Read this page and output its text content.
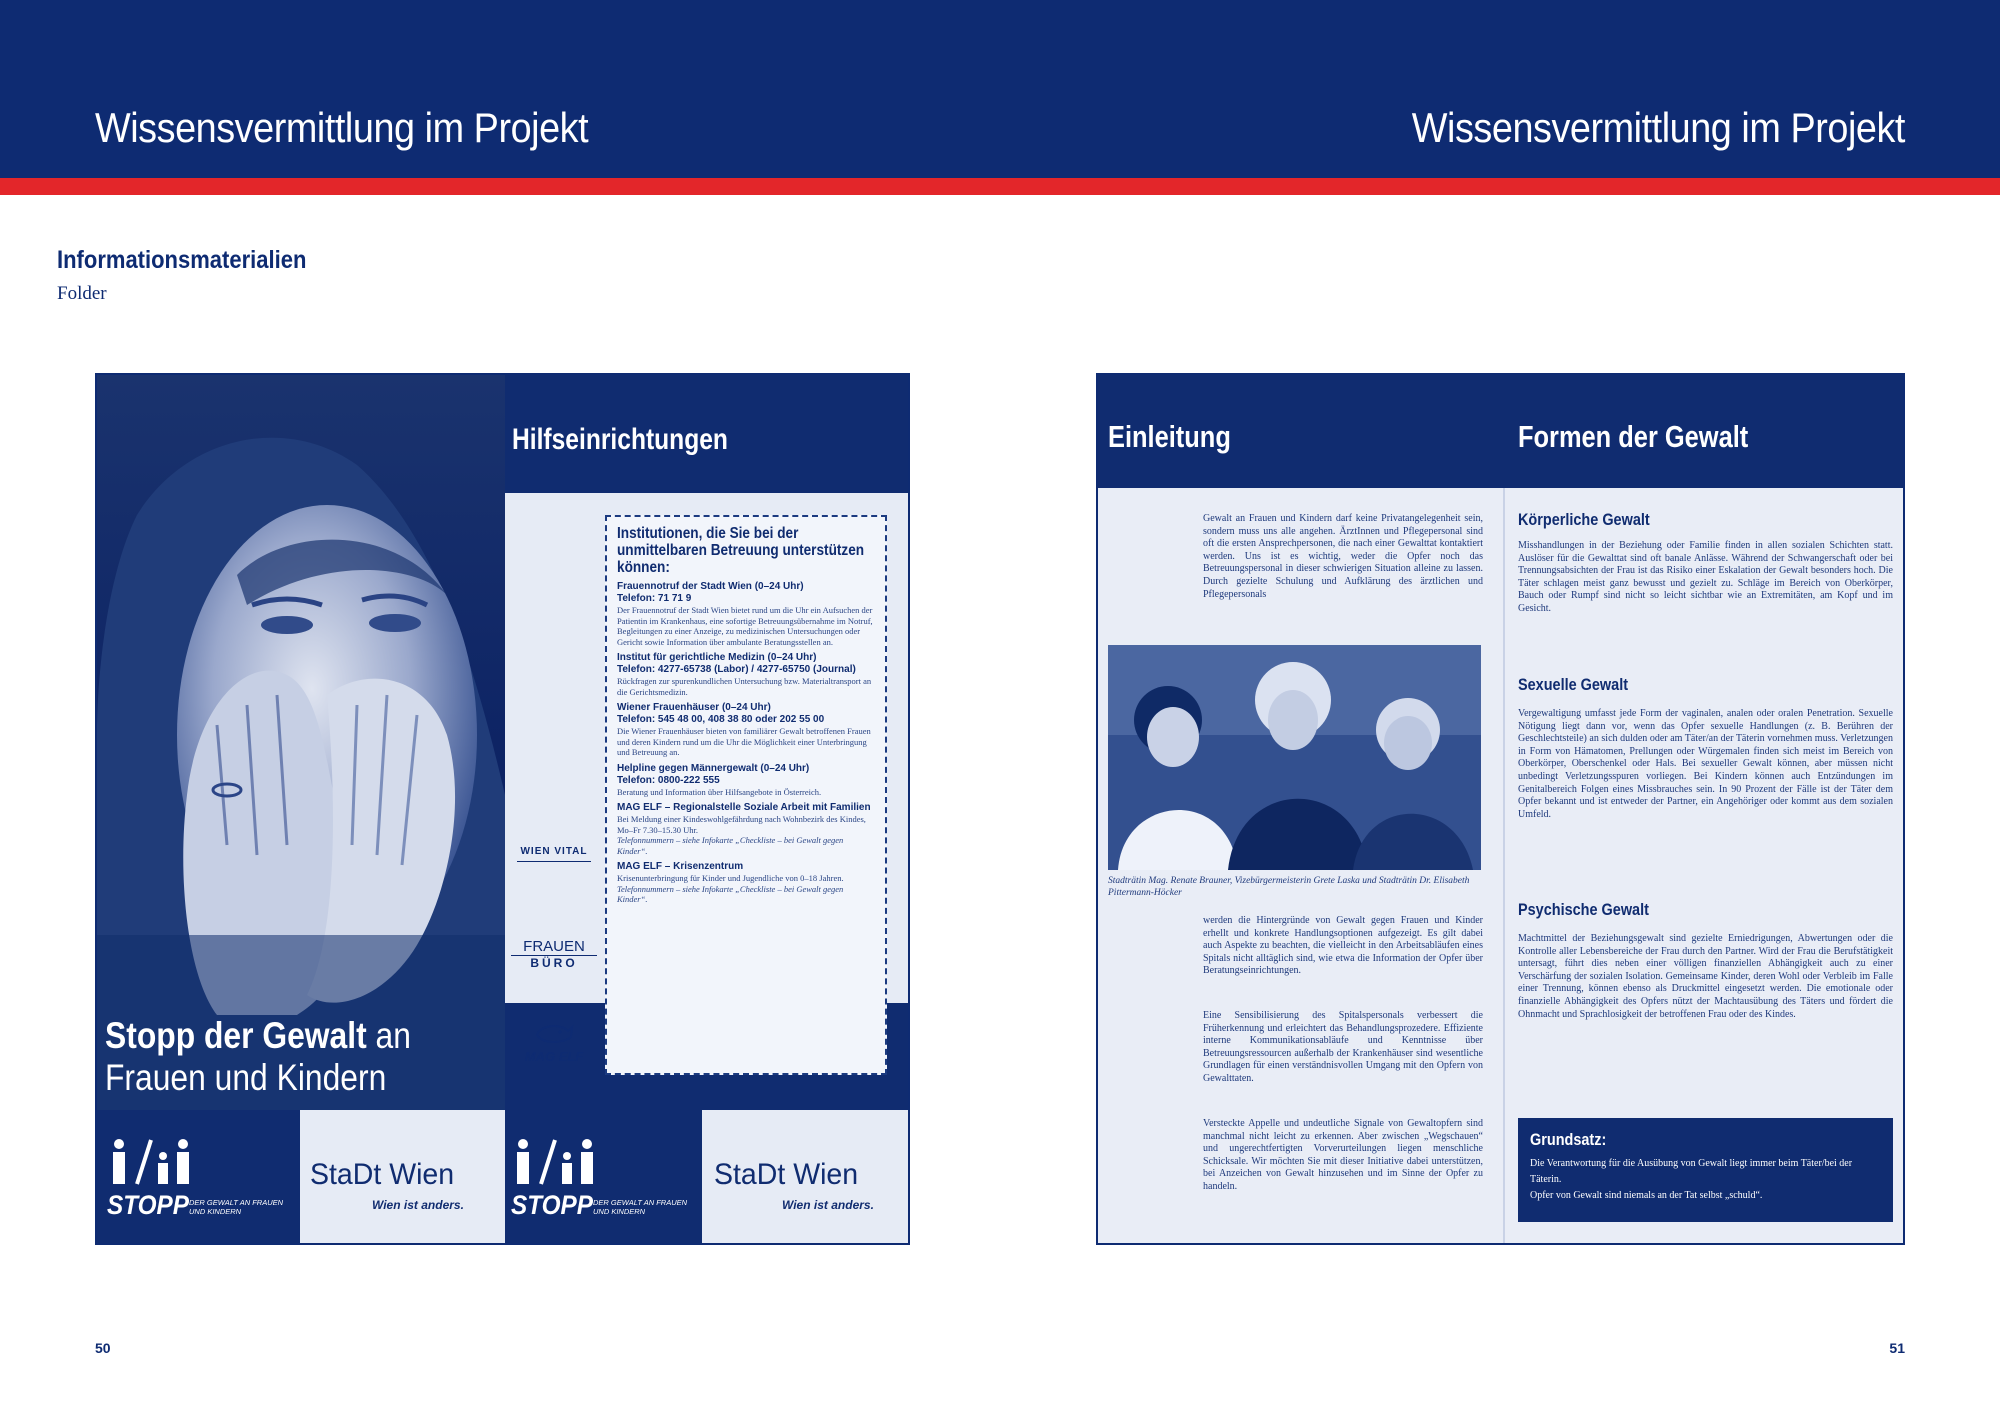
Wissensvermittlung im Projekt	Wissensvermittlung im Projekt
Informationsmaterialien
Folder
Stopp der Gewalt an Frauen und Kindern
Hilfseinrichtungen
WIEN VITAL
FRAUEN
BÜRO
MAG ELF
Institutionen, die Sie bei der unmittelbaren Betreuung unterstützen können:
Frauennotruf der Stadt Wien (0–24 Uhr)
Telefon: 71 71 9
Der Frauennotruf der Stadt Wien bietet rund um die Uhr ein Aufsuchen der Patientin im Krankenhaus, eine sofortige Betreuungsübernahme im Notruf, Begleitungen zu einer Anzeige, zu medizinischen Untersuchungen oder Gericht sowie Information über ambulante Beratungsstellen an.
Institut für gerichtliche Medizin (0–24 Uhr)
Telefon: 4277-65738 (Labor) / 4277-65750 (Journal)
Rückfragen zur spurenkundlichen Untersuchung bzw. Materialtransport an die Gerichtsmedizin.
Wiener Frauenhäuser (0–24 Uhr)
Telefon: 545 48 00, 408 38 80 oder 202 55 00
Die Wiener Frauenhäuser bieten von familiärer Gewalt betroffenen Frauen und deren Kindern rund um die Uhr die Möglichkeit einer Unterbringung und Betreuung an.
Helpline gegen Männergewalt (0–24 Uhr)
Telefon: 0800-222 555
Beratung und Information über Hilfsangebote in Österreich.
MAG ELF – Regionalstelle Soziale Arbeit mit Familien
Bei Meldung einer Kindeswohlgefährdung nach Wohnbezirk des Kindes, Mo–Fr 7.30–15.30 Uhr.
Telefonnummern – siehe Infokarte „Checkliste – bei Gewalt gegen Kinder“.
MAG ELF – Krisenzentrum
Krisenunterbringung für Kinder und Jugendliche von 0–18 Jahren.
Telefonnummern – siehe Infokarte „Checkliste – bei Gewalt gegen Kinder“.
STOPP DER GEWALT AN FRAUEN UND KINDERN
StaDt Wien
Wien ist anders. STOPP DER GEWALT AN FRAUEN UND KINDERN
StaDt Wien
Wien ist anders.
Einleitung	Formen der Gewalt
Gewalt an Frauen und Kindern darf keine Privatangelegenheit sein, sondern muss uns alle angehen. ÄrztInnen und Pflegepersonal sind oft die ersten Ansprechpersonen, die nach einer Gewalttat kontaktiert werden. Uns ist es wichtig, weder die Opfer noch das Betreuungspersonal in dieser schwierigen Situation alleine zu lassen. Durch gezielte Schulung und Aufklärung des ärztlichen und Pflegepersonals
Stadträtin Mag. Renate Brauner, Vizebürgermeisterin Grete Laska und Stadträtin Dr. Elisabeth Pittermann-Höcker
werden die Hintergründe von Gewalt gegen Frauen und Kinder erhellt und konkrete Handlungsoptionen aufgezeigt. Es gilt dabei auch Aspekte zu beachten, die vielleicht in den Arbeitsabläufen eines Spitals nicht alltäglich sind, wie etwa die Information der Opfer über Beratungseinrichtungen.
Eine Sensibilisierung des Spitalspersonals verbessert die Früherkennung und erleichtert das Behandlungsprozedere. Effiziente interne Kommunikationsabläufe und Kenntnisse über Betreuungsressourcen außerhalb der Krankenhäuser sind wesentliche Grundlagen für einen verständnisvollen Umgang mit den Opfern von Gewalttaten.
Versteckte Appelle und undeutliche Signale von Gewaltopfern sind manchmal nicht leicht zu erkennen. Aber zwischen „Wegschauen“ und ungerechtfertigten Vorverurteilungen liegen menschliche Schicksale. Wir möchten Sie mit dieser Initiative dabei unterstützen, bei Anzeichen von Gewalt hinzusehen und im Sinne der Opfer zu handeln.
Körperliche Gewalt
Misshandlungen in der Beziehung oder Familie finden in allen sozialen Schichten statt. Auslöser für die Gewalttat sind oft banale Anlässe. Während der Schwangerschaft oder bei Trennungsabsichten der Frau ist das Risiko einer Eskalation der Gewalt besonders hoch. Die Täter schlagen meist ganz bewusst und gezielt zu. Schläge im Bereich von Oberkörper, Bauch oder Rumpf sind nicht so leicht sichtbar wie an Extremitäten, am Kopf und im Gesicht.
Sexuelle Gewalt
Vergewaltigung umfasst jede Form der vaginalen, analen oder oralen Penetration. Sexuelle Nötigung liegt dann vor, wenn das Opfer sexuelle Handlungen (z. B. Berühren der Geschlechtsteile) an sich dulden oder am Täter/an der Täterin vornehmen muss. Verletzungen in Form von Hämatomen, Prellungen oder Würgemalen finden sich meist im Bereich von Oberkörper, Oberschenkel oder Hals. Bei sexueller Gewalt können, aber müssen nicht unbedingt Verletzungsspuren vorliegen. Bei Kindern können auch Entzündungen im Genitalbereich Folgen eines Missbrauches sein. In 90 Prozent der Fälle ist der Täter dem Opfer bekannt und ist entweder der Partner, ein Angehöriger oder kommt aus dem sozialen Umfeld.
Psychische Gewalt
Machtmittel der Beziehungsgewalt sind gezielte Erniedrigungen, Abwertungen oder die Kontrolle aller Lebensbereiche der Frau durch den Partner. Wird der Frau die Berufstätigkeit untersagt, führt dies neben einer völligen finanziellen Abhängigkeit auch zu einer Verschärfung der sozialen Isolation. Gemeinsame Kinder, deren Wohl oder Verbleib im Falle einer Trennung, können ebenso als Druckmittel eingesetzt werden. Die emotionale oder finanzielle Abhängigkeit des Opfers nützt der Machtausübung des Täters und fördert die Ohnmacht und Sprachlosigkeit der betroffenen Frau oder des Kindes.
Grundsatz:
Die Verantwortung für die Ausübung von Gewalt liegt immer beim Täter/bei der Täterin.
Opfer von Gewalt sind niemals an der Tat selbst „schuld“.
50	51
